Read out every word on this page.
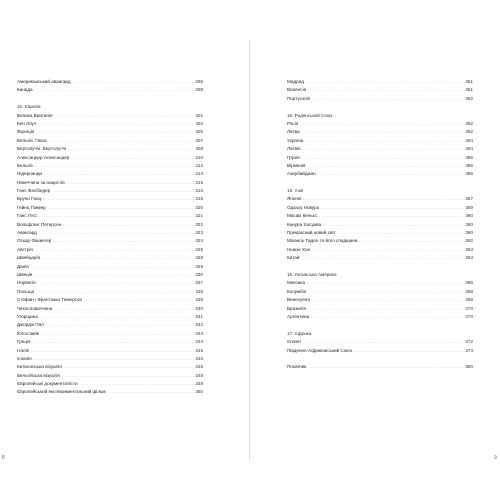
Американський авангард .....	296
Канада .....	298
15. Європа
Велика Британія .....	301
Кен Лоуч .....	303
Франція .....	305
Бельгія. Гаага .....	307
Бертолуччі. Бертолуччі .....	308
Александер Александер .....	310
Бельгія .....	312
Нідерланди .....	313
Німеччина за нацистів .....	315
Ганс Фасбіндер .....	316
Бруно Ганц .....	318
Гейнц Гіммер .....	320
Ганс Гесс .....	321
Вольфганг Петерсен .....	322
Авангард .....	323
Оскар Фішингер .....	324
Австрія .....	325
Швейцарія .....	328
Данія .....	329
Швеція .....	330
Норвегія .....	337
Польща .....	338
Стефан і Франтішка Темерсон .....	339
Чехословаччина .....	340
Угорщина .....	341
Джордж Пал .....	342
Югославія .....	343
Греція .....	344
Італія .....	345
Іспанія .....	346
Каталонська візуалія .....	348
Бельгійська візуалія .....	348
Європейські документалісти .....	348
Європейський експериментальний фільм .....	350
Мадрид .....	351
Валенсія .....	351
Португалія .....	352
16. Радянський Союз
Росія .....	352
Литва .....	352
Україна .....	354
Латвія .....	354
Грузія .....	355
Вірменія .....	355
Азербайджан .....	356
15. Азія
Японія .....	357
Одзасу Новуро .....	359
Масакі Кеньєс .....	360
Канура Хасуава .....	360
Прекрасний новий світ .....	360
Міхаель Тадео та його спадщина .....	362
Ньюзе Хон .....	363
Китай .....	363
16. Латинська Америка
Мексика .....	366
Колумбія .....	368
Венесуела .....	369
Бразилія .....	370
Аргентина .....	370
17. Африка
Єгипет .....	372
Південно-Африканський Союз .....	373
Показчик .....	380
8	9
